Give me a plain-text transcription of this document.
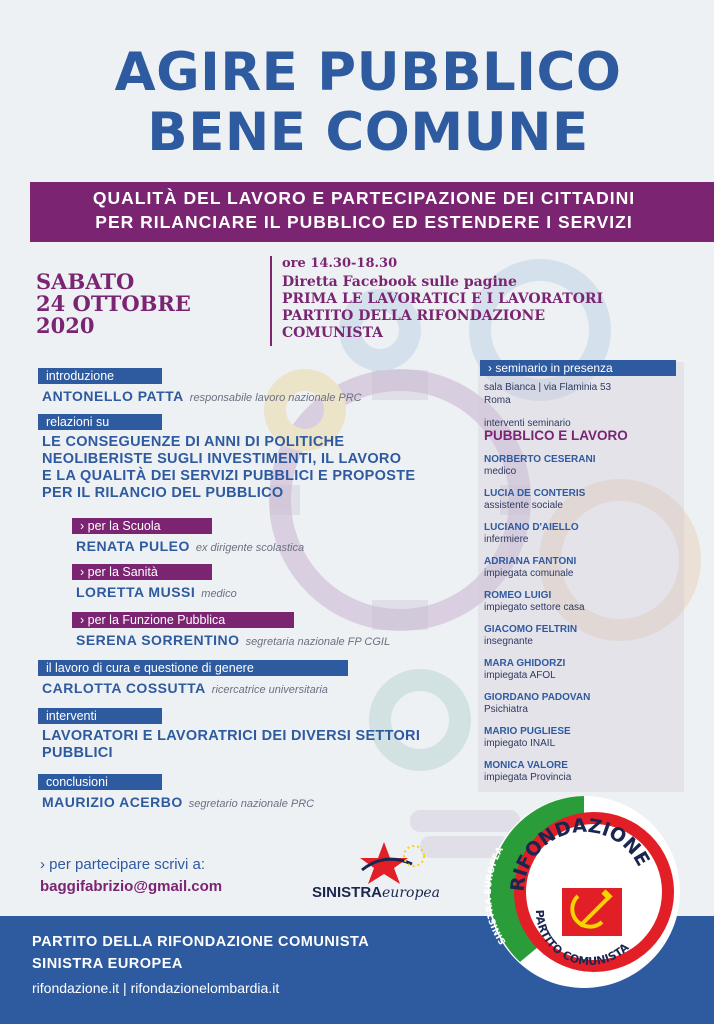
AGIRE PUBBLICO
BENE COMUNE
QUALITÀ DEL LAVORO E PARTECIPAZIONE DEI CITTADINI
PER RILANCIARE IL PUBBLICO ED ESTENDERE I SERVIZI
SABATO
24 OTTOBRE
2020
ore 14.30-18.30
Diretta Facebook sulle pagine
PRIMA LE LAVORATICI E I LAVORATORI
PARTITO DELLA RIFONDAZIONE
COMUNISTA
introduzione
ANTONELLO PATTA responsabile lavoro nazionale PRC
relazioni su
LE CONSEGUENZE DI ANNI DI POLITICHE
NEOLIBERISTE SUGLI INVESTIMENTI, IL LAVORO
E LA QUALITÀ DEI SERVIZI PUBBLICI E PROPOSTE
PER IL RILANCIO DEL PUBBLICO
› per la Scuola
RENATA PULEO ex dirigente scolastica
› per la Sanità
LORETTA MUSSI medico
› per la Funzione Pubblica
SERENA SORRENTINO segretaria nazionale FP CGIL
il lavoro di cura e questione di genere
CARLOTTA COSSUTTA ricercatrice universitaria
interventi
LAVORATORI E LAVORATRICI DEI DIVERSI SETTORI
PUBBLICI
conclusioni
MAURIZIO ACERBO segretario nazionale PRC
› seminario in presenza
sala Bianca | via Flaminia 53
Roma
interventi seminario
PUBBLICO E LAVORO
NORBERTO CESERANI
medico
LUCIA DE CONTERIS
assistente sociale
LUCIANO D'AIELLO
infermiere
ADRIANA FANTONI
impiegata comunale
ROMEO LUIGI
impiegato settore casa
GIACOMO FELTRIN
insegnante
MARA GHIDORZI
impiegata AFOL
GIORDANO PADOVAN
Psichiatra
MARIO PUGLIESE
impiegato INAIL
MONICA VALORE
impiegata Provincia
› per partecipare scrivi a:
baggifabrizio@gmail.com	SINISTRAeuropea
PARTITO DELLA RIFONDAZIONE COMUNISTA
SINISTRA EUROPEA
rifondazione.it | rifondazionelombardia.it
SINISTRA EUROPEA
RIFONDAZIONE
PARTITO COMUNISTA
